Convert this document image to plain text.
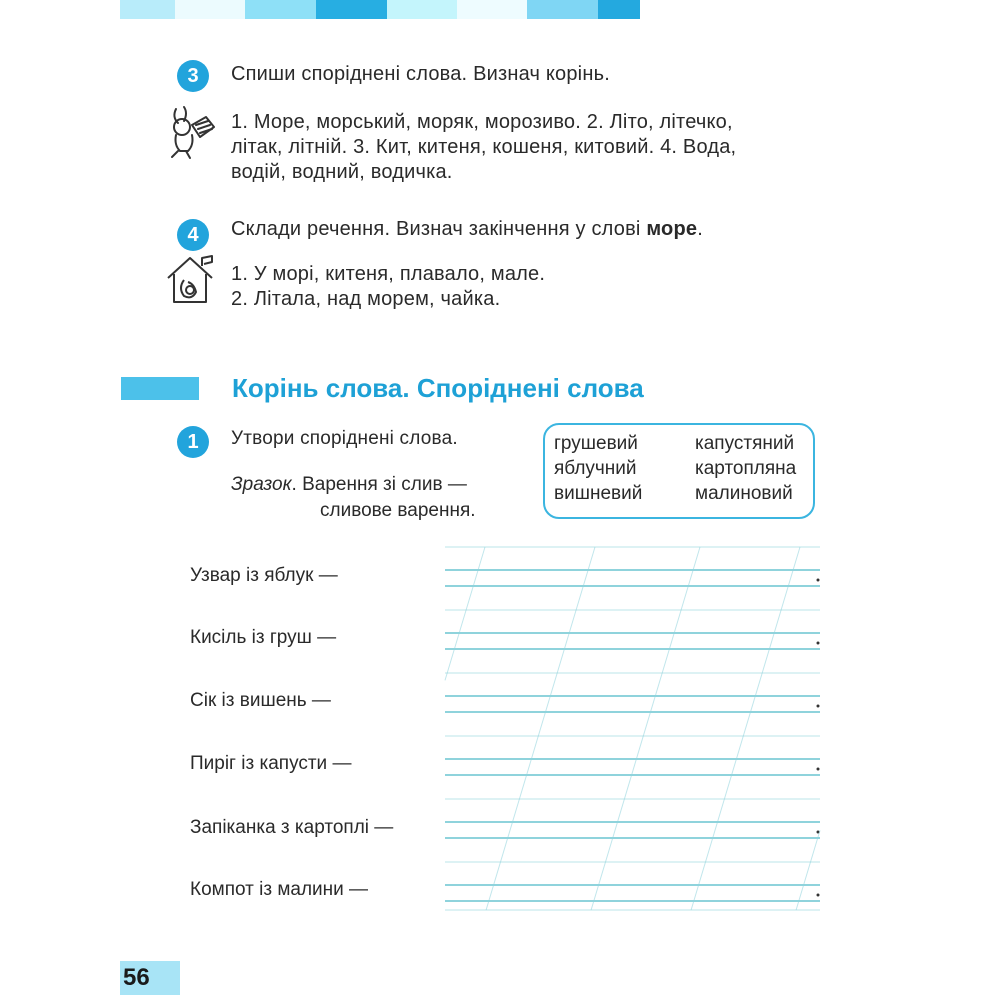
3	Спиши споріднені слова. Визнач корінь.
1. Море, морський, моряк, морозиво. 2. Літо, літечко,
літак, літній. 3. Кит, китеня, кошеня, китовий. 4. Вода,
водій, водний, водичка.
4	Склади речення. Визнач закінчення у слові море.
1. У морі, китеня, плавало, мале.
2. Літала, над морем, чайка.
Корінь слова. Споріднені слова
1	Утвори споріднені слова.
Зразок. Варення зі слив —
сливове варення.
грушевий	капустяний
яблучний	картопляна
вишневий	малиновий
Узвар із яблук —
Кисіль із груш —
Сік із вишень —
Пиріг із капусти —
Запіканка з картоплі —
Компот із малини —
56
